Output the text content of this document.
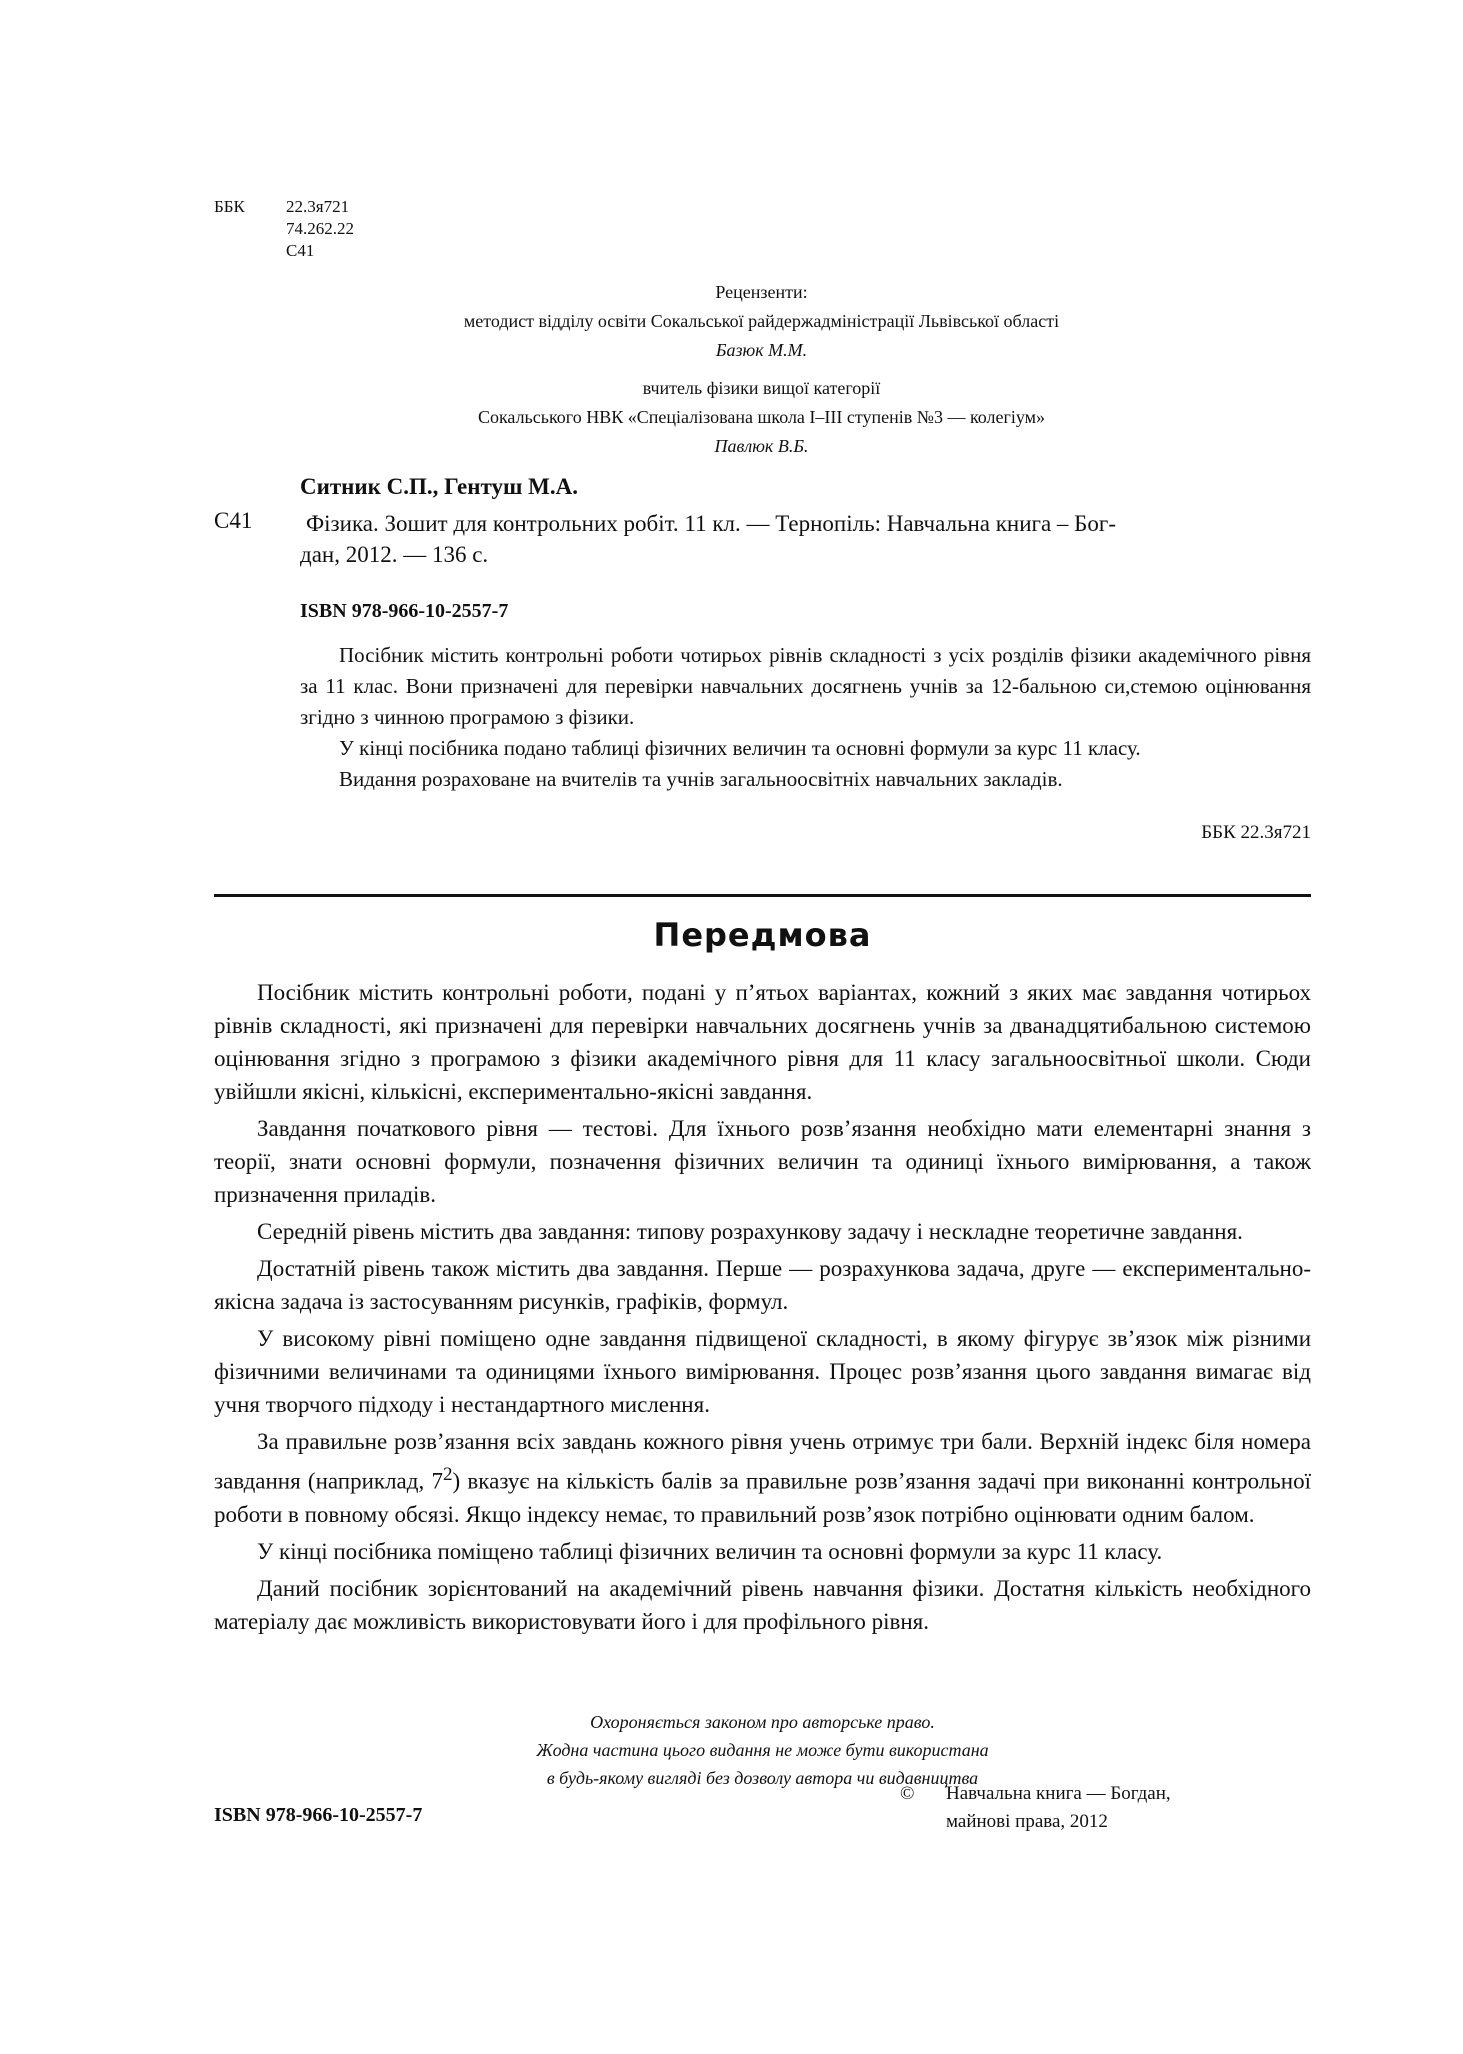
ББК 22.3я721
74.262.22
С41
Рецензенти:
методист відділу освіти Сокальської райдержадміністрації Львівської області
Базюк М.М.
вчитель фізики вищої категорії
Сокальського НВК «Спеціалізована школа І–ІІІ ступенів №3 — колегіум»
Павлюк В.Б.
Ситник С.П., Гентуш М.А.
С41 Фізика. Зошит для контрольних робіт. 11 кл. — Тернопіль: Навчальна книга – Бог-
дан, 2012. — 136 с.
ISBN 978-966-10-2557-7

Посібник містить контрольні роботи чотирьох рівнів складності з усіх розділів фізики академічного рівня за 11 клас. Вони призначені для перевірки навчальних досягнень учнів за 12-бальною си,стемою оцінювання згідно з чинною програмою з фізики.

У кінці посібника подано таблиці фізичних величин та основні формули за курс 11 класу.

Видання розраховане на вчителів та учнів загальноосвітніх навчальних закладів.

ББК 22.3я721
Передмова

Посібник містить контрольні роботи, подані у п’ятьох варіантах, кожний з яких має завдання чотирьох рівнів складності, які призначені для перевірки навчальних досягнень учнів за дванадцятибальною системою оцінювання згідно з програмою з фізики академічного рівня для 11 класу загальноосвітньої школи. Сюди увійшли якісні, кількісні, експериментально-якісні завдання.

Завдання початкового рівня — тестові. Для їхнього розв’язання необхідно мати елементарні знання з теорії, знати основні формули, позначення фізичних величин та одиниці їхнього вимірювання, а також призначення приладів.

Середній рівень містить два завдання: типову розрахункову задачу і нескладне теоретичне завдання.

Достатній рівень також містить два завдання. Перше — розрахункова задача, друге — експериментально-якісна задача із застосуванням рисунків, графіків, формул.

У високому рівні поміщено одне завдання підвищеної складності, в якому фігурує зв’язок між різними фізичними величинами та одиницями їхнього вимірювання. Процес розв’язання цього завдання вимагає від учня творчого підходу і нестандартного мислення.

За правильне розв’язання всіх завдань кожного рівня учень отримує три бали. Верхній індекс біля номера завдання (наприклад, $7^2$) вказує на кількість балів за правильне розв’язання задачі при виконанні контрольної роботи в повному обсязі. Якщо індексу немає, то правильний розв’язок потрібно оцінювати одним балом.

У кінці посібника поміщено таблиці фізичних величин та основні формули за курс 11 класу.

Даний посібник зорієнтований на академічний рівень навчання фізики. Достатня кількість необхідного матеріалу дає можливість використовувати його і для профільного рівня.

Охороняється законом про авторське право.
Жодна частина цього видання не може бути використана
в будь-якому вигляді без дозволу автора чи видавництва
ISBN 978-966-10-2557-7
© Навчальна книга — Богдан,
майнові права, 2012
